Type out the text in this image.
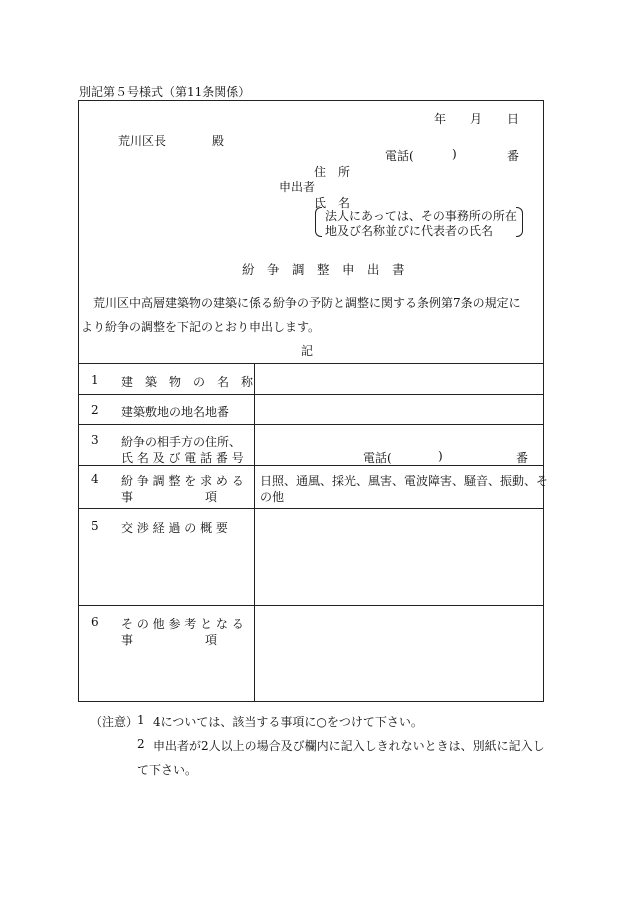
別記第５号様式（第11条関係）
年 月 日
荒川区長	殿
電話(	)	番
住　所
申出者
氏　名
法人にあっては、その事務所の所在
地及び名称並びに代表者の氏名
紛　争　調　整　申　出　書
荒川区中高層建築物の建築に係る紛争の予防と調整に関する条例第7条の規定に
より紛争の調整を下記のとおり申出します。
記
1 建　築　物　の　名　称
2 建築敷地の地名地番
3 紛争の相手方の住所、
氏 名 及 び 電 話 番 号	電話(	)	番
4 紛 争 調 整 を 求 め る
事　　　　　　項
日照、通風、採光、風害、電波障害、騒音、振動、そ
の他
5 交 渉 経 過 の 概 要
6 そ の 他 参 考 と な る
事　　　　　　項
（注意）
1 4については、該当する事項に○をつけて下さい。
2 申出者が2人以上の場合及び欄内に記入しきれないときは、別紙に記入し
て下さい。
